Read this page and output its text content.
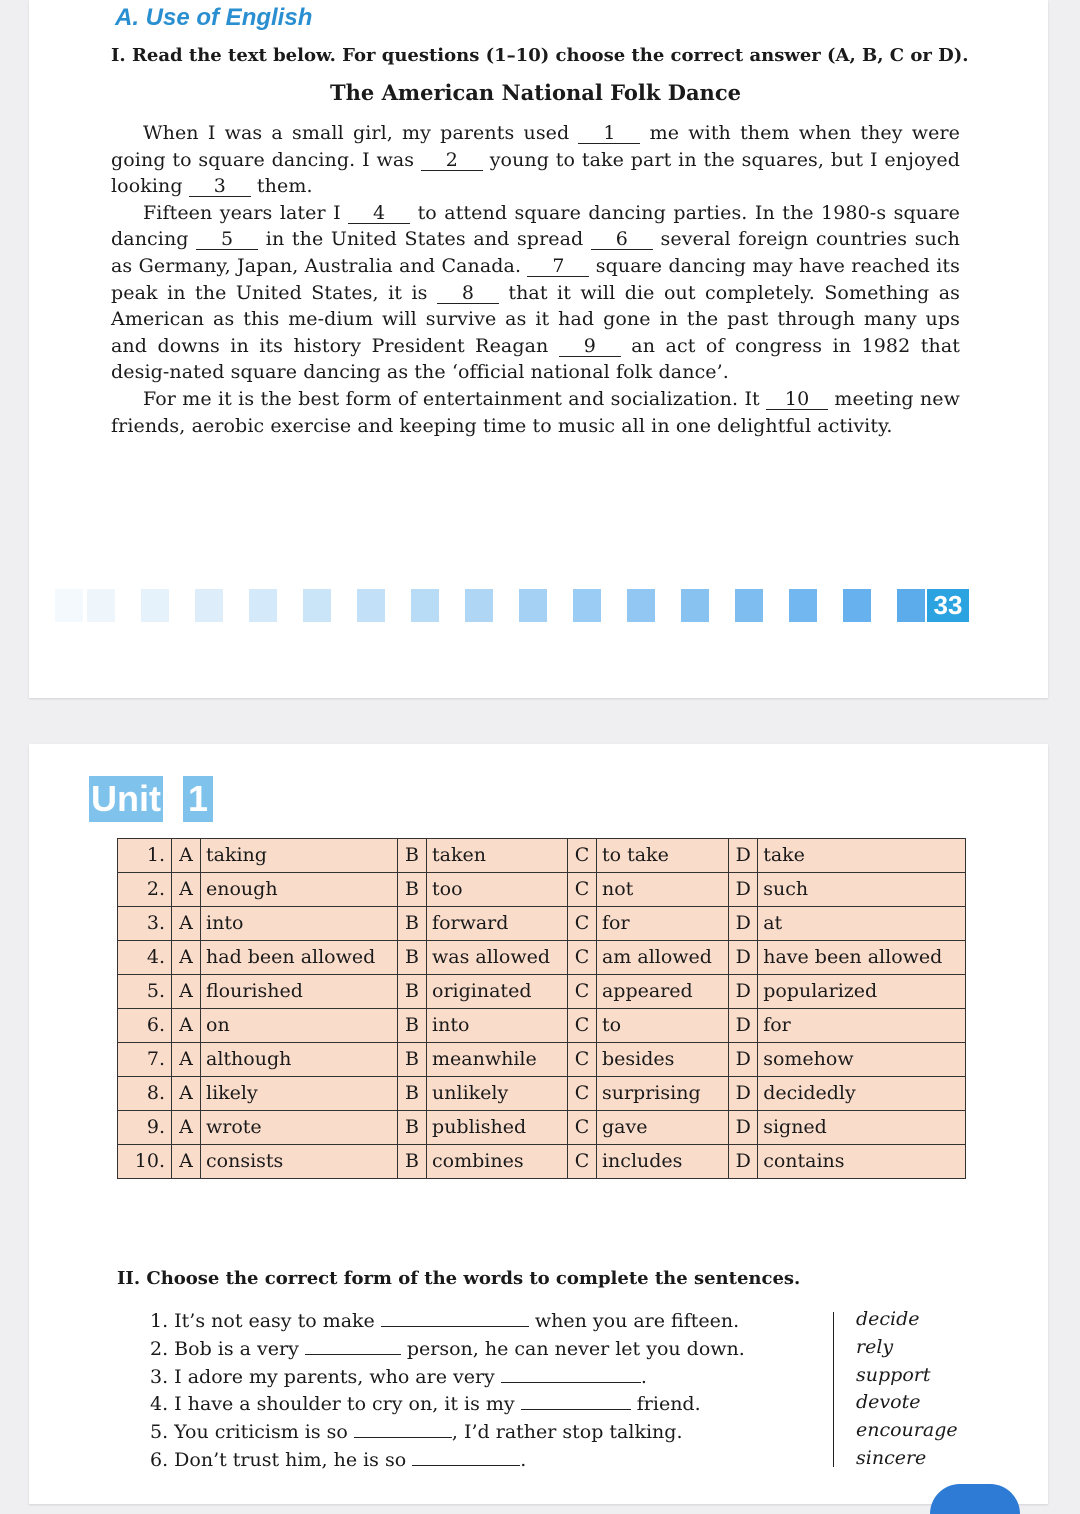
A. Use of English
I. Read the text below. For questions (1–10) choose the correct answer (A, B, C or D).
The American National Folk Dance

When I was a small girl, my parents used 1 me with them when they were going to square dancing. I was 2 young to take part in the squares, but I enjoyed looking 3 them.

Fifteen years later I 4 to attend square dancing parties. In the 1980-s square dancing 5 in the United States and spread 6 several foreign countries such as Germany, Japan, Australia and Canada. 7 square dancing may have reached its peak in the United States, it is 8 that it will die out completely. Something as American as this me-dium will survive as it had gone in the past through many ups and downs in its history President Reagan 9 an act of congress in 1982 that desig-nated square dancing as the ‘official national folk dance’.

For me it is the best form of entertainment and socialization. It 10 meeting new friends, aerobic exercise and keeping time to music all in one delightful activity.

33
Unit 1
1.	A	taking	B	taken	C	to take	D	take
2.	A	enough	B	too	C	not	D	such
3.	A	into	B	forward	C	for	D	at
4.	A	had been allowed	B	was allowed	C	am allowed	D	have been allowed
5.	A	flourished	B	originated	C	appeared	D	popularized
6.	A	on	B	into	C	to	D	for
7.	A	although	B	meanwhile	C	besides	D	somehow
8.	A	likely	B	unlikely	C	surprising	D	decidedly
9.	A	wrote	B	published	C	gave	D	signed
10.	A	consists	B	combines	C	includes	D	contains
II. Choose the correct form of the words to complete the sentences.
1. It’s not easy to make	when you are fifteen.
2. Bob is a very	person, he can never let you down.
3. I adore my parents, who are very	.
4. I have a shoulder to cry on, it is my	friend.
5. You criticism is so	, I’d rather stop talking.
6. Don’t trust him, he is so	.
decide
rely
support
devote
encourage
sincere
